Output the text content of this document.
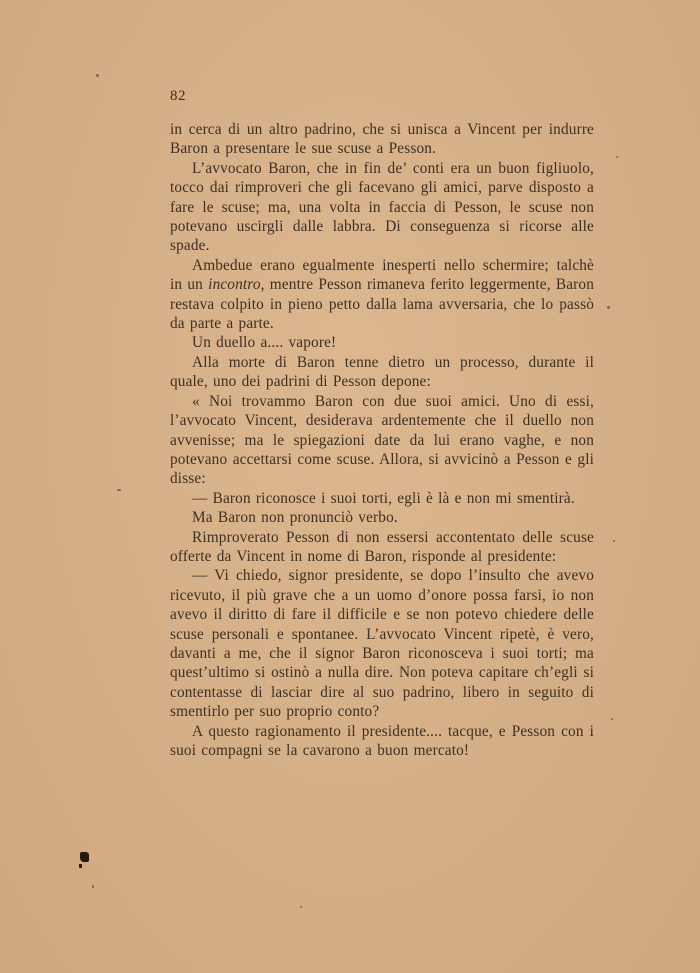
82

in cerca di un altro padrino, che si unisca a Vincent per indurre Baron a presentare le sue scuse a Pesson.

L’avvocato Baron, che in fin de’ conti era un buon figliuolo, tocco dai rimproveri che gli facevano gli amici, parve disposto a fare le scuse; ma, una volta in faccia di Pesson, le scuse non potevano uscirgli dalle labbra. Di conseguenza si ricorse alle spade.

Ambedue erano egualmente inesperti nello schermire; talchè in un incontro, mentre Pesson rimaneva ferito leggermente, Baron restava colpito in pieno petto dalla lama avversaria, che lo passò da parte a parte.

Un duello a.... vapore!

Alla morte di Baron tenne dietro un processo, durante il quale, uno dei padrini di Pesson depone:

« Noi trovammo Baron con due suoi amici. Uno di essi, l’avvocato Vincent, desiderava ardentemente che il duello non avvenisse; ma le spiegazioni date da lui erano vaghe, e non potevano accettarsi come scuse. Allora, si avvicinò a Pesson e gli disse:

— Baron riconosce i suoi torti, egli è là e non mi smentirà.

Ma Baron non pronunciò verbo.

Rimproverato Pesson di non essersi accontentato delle scuse offerte da Vincent in nome di Baron, risponde al presidente:

— Vi chiedo, signor presidente, se dopo l’insulto che avevo ricevuto, il più grave che a un uomo d’onore possa farsi, io non avevo il diritto di fare il difficile e se non potevo chiedere delle scuse personali e spontanee. L’avvocato Vincent ripetè, è vero, davanti a me, che il signor Baron riconosceva i suoi torti; ma quest’ultimo si ostinò a nulla dire. Non poteva capitare ch’egli si contentasse di lasciar dire al suo padrino, libero in seguito di smentirlo per suo proprio conto?

A questo ragionamento il presidente.... tacque, e Pesson con i suoi compagni se la cavarono a buon mercato!
